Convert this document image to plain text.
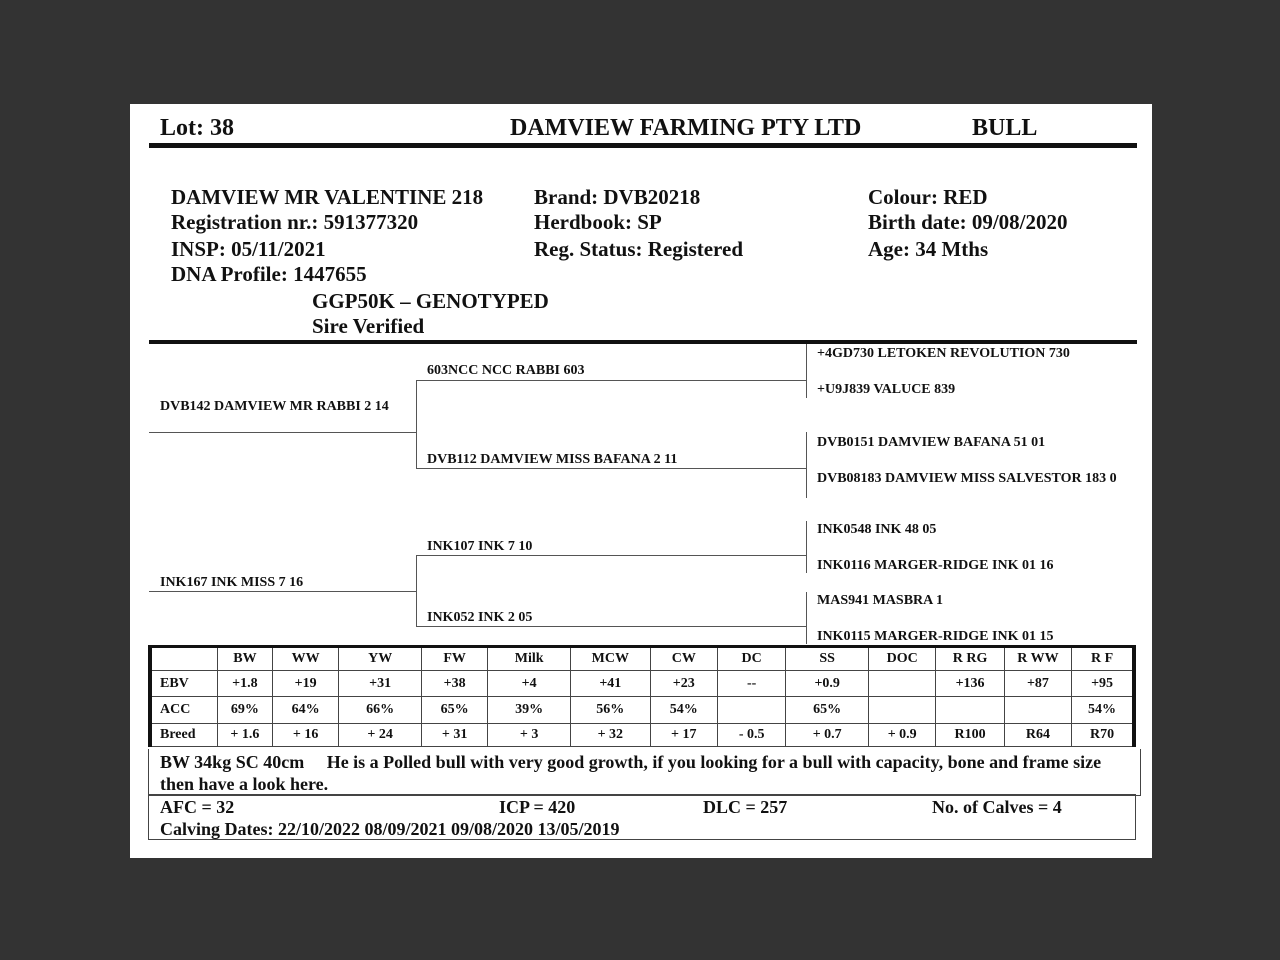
Lot: 38	DAMVIEW FARMING PTY LTD	BULL
DAMVIEW MR VALENTINE 218
Registration nr.: 591377320
INSP: 05/11/2021
DNA Profile: 1447655
GGP50K – GENOTYPED
Sire Verified
Brand: DVB20218
Herdbook: SP
Reg. Status: Registered
Colour: RED
Birth date: 09/08/2020
Age: 34 Mths
DVB142 DAMVIEW MR RABBI 2 14
603NCC NCC RABBI 603
DVB112 DAMVIEW MISS BAFANA 2 11
INK167 INK MISS 7 16
INK107 INK 7 10
INK052 INK 2 05
+4GD730 LETOKEN REVOLUTION 730
+U9J839 VALUCE 839
DVB0151 DAMVIEW BAFANA 51 01
DVB08183 DAMVIEW MISS SALVESTOR 183 0
INK0548 INK 48 05
INK0116 MARGER-RIDGE INK 01 16
MAS941 MASBRA 1
INK0115 MARGER-RIDGE INK 01 15
	BW	WW	YW	FW	Milk	MCW	CW	DC	SS	DOC	R RG	R WW	R F
EBV	+1.8	+19	+31	+38	+4	+41	+23	--	+0.9		+136	+87	+95
ACC	69%	64%	66%	65%	39%	56%	54%		65%				54%
Breed	+ 1.6	+ 16	+ 24	+ 31	+ 3	+ 32	+ 17	- 0.5	+ 0.7	+ 0.9	R100	R64	R70
BW 34kg SC 40cm He is a Polled bull with very good growth, if you looking for a bull with capacity, bone and frame size then have a look here.
AFC = 32	ICP = 420	DLC = 257	No. of Calves = 4
Calving Dates: 22/10/2022 08/09/2021 09/08/2020 13/05/2019
